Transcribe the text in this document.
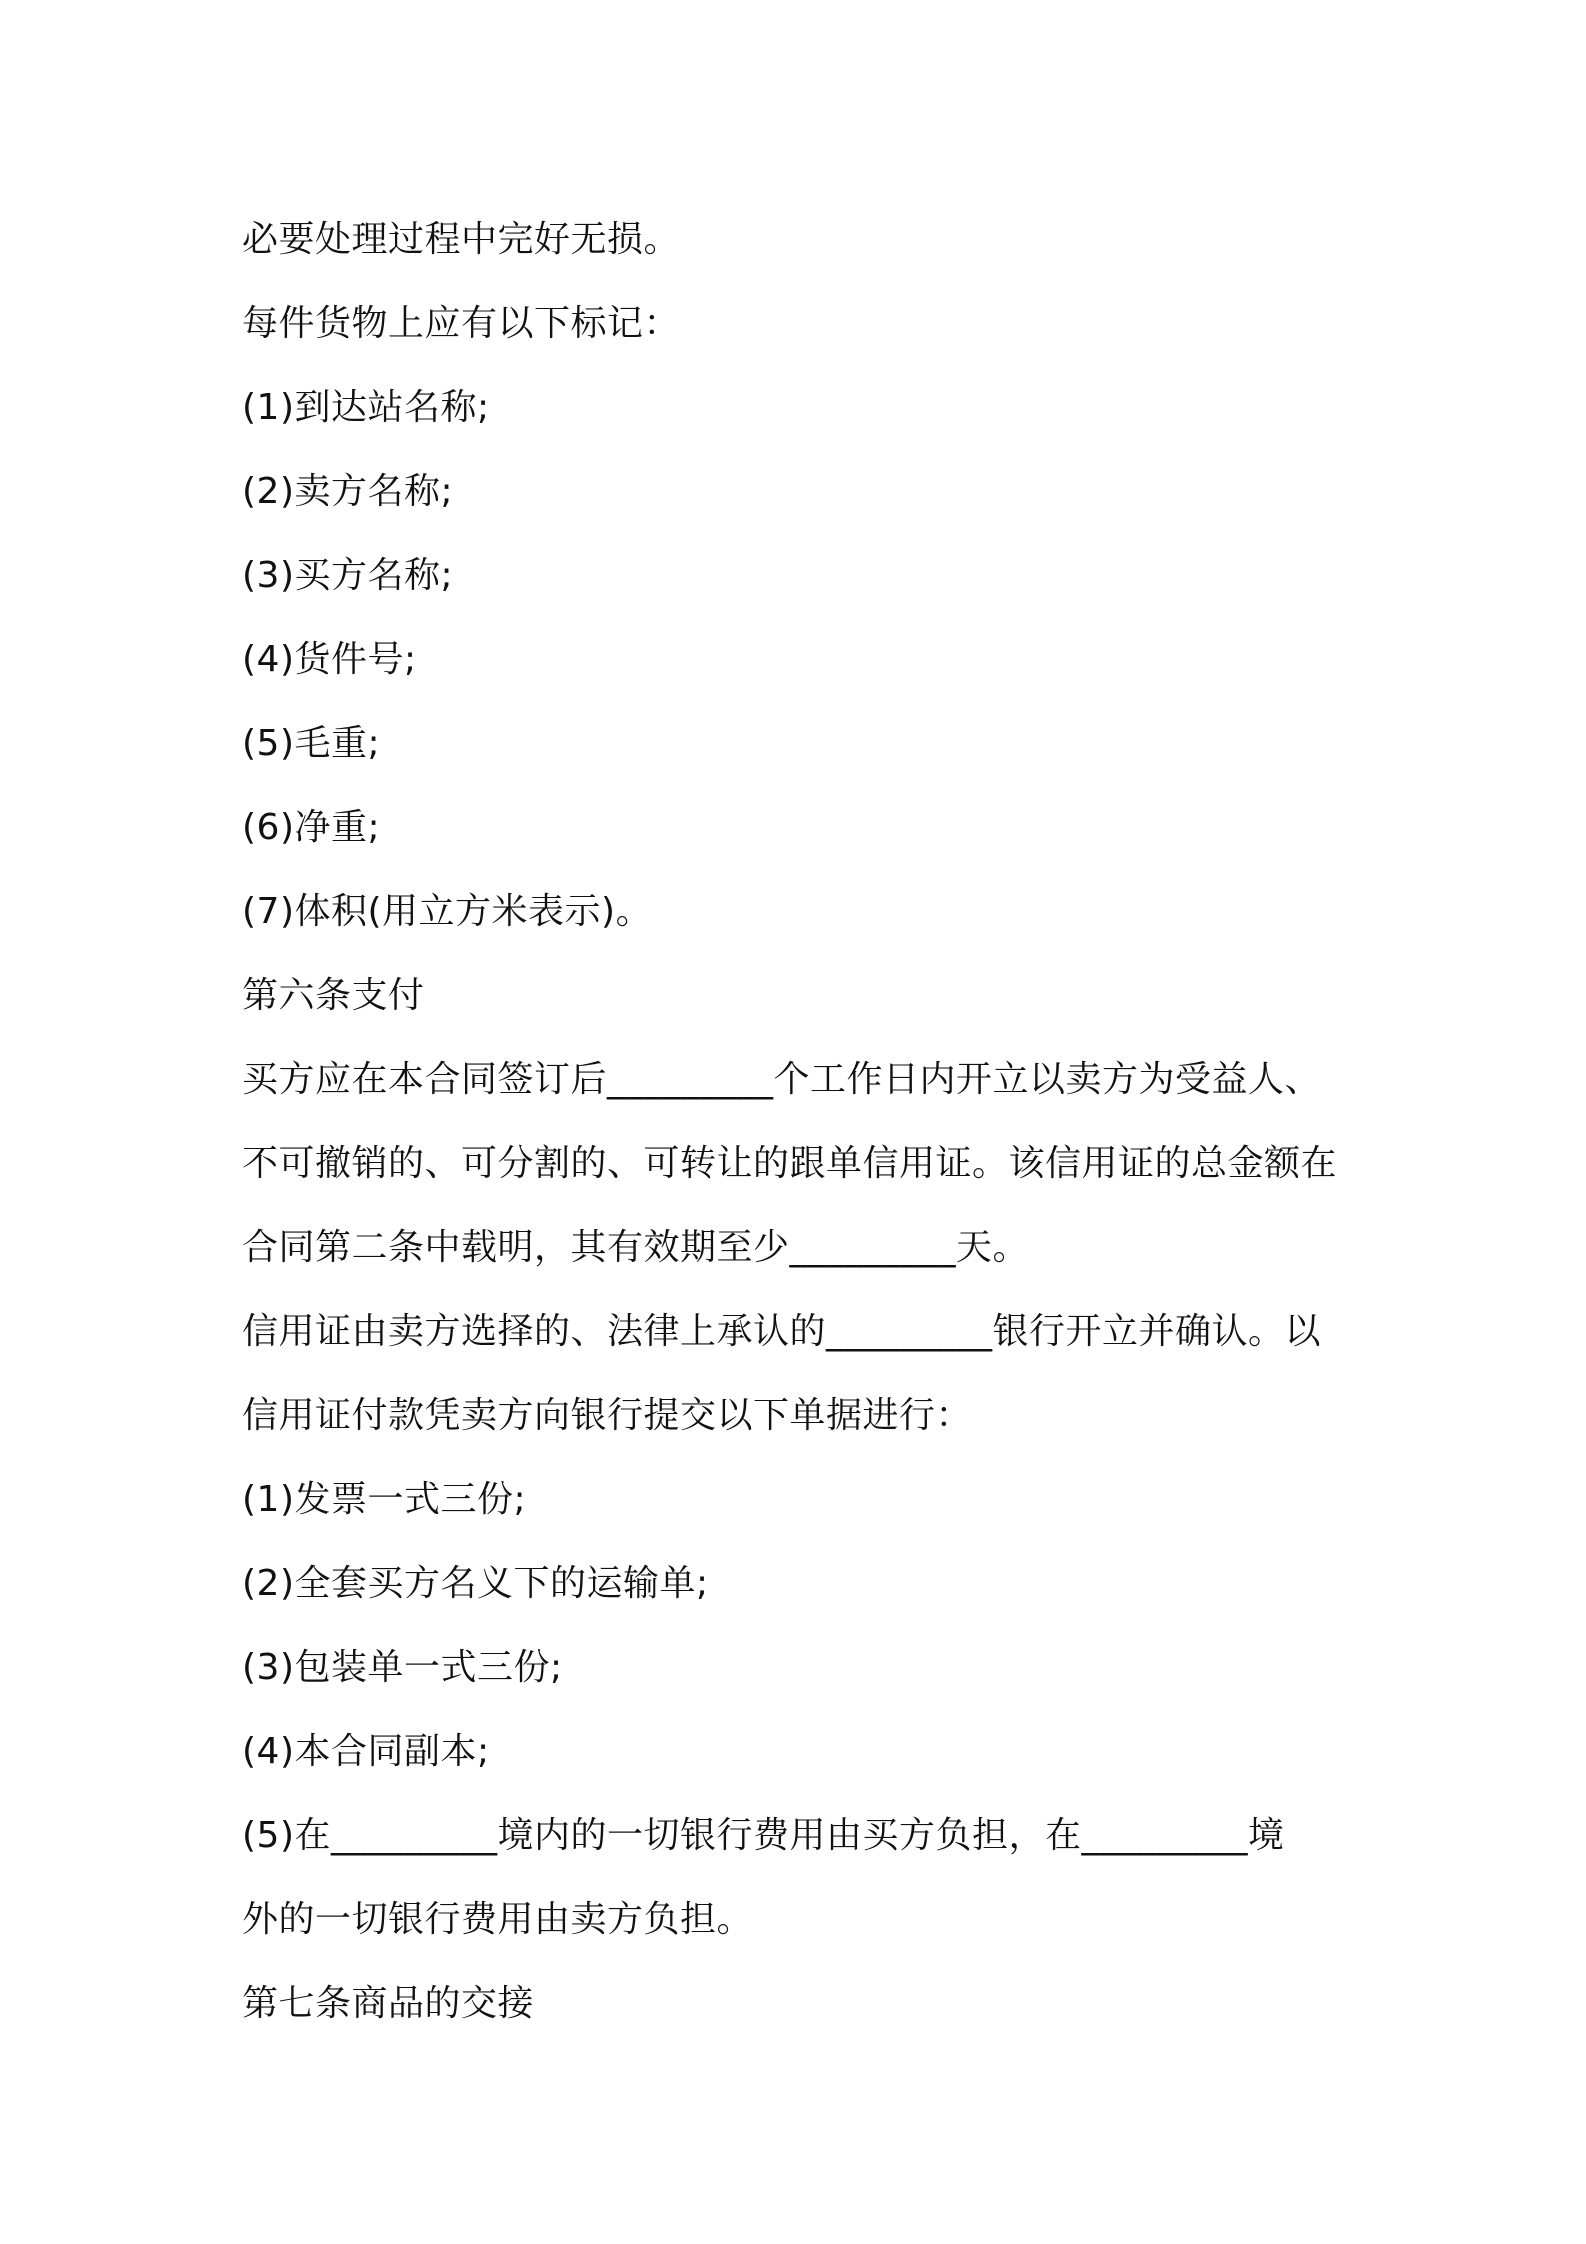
必要处理过程中完好无损。

每件货物上应有以下标记：

(1)到达站名称;

(2)卖方名称;

(3)买方名称;

(4)货件号;

(5)毛重;

(6)净重;

(7)体积(用立方米表示)。

第六条支付

买方应在本合同签订后_________个工作日内开立以卖方为受益人、

不可撤销的、可分割的、可转让的跟单信用证。该信用证的总金额在

合同第二条中载明，其有效期至少_________天。

信用证由卖方选择的、法律上承认的_________银行开立并确认。以

信用证付款凭卖方向银行提交以下单据进行：

(1)发票一式三份;

(2)全套买方名义下的运输单;

(3)包装单一式三份;

(4)本合同副本;

(5)在_________境内的一切银行费用由买方负担，在_________境

外的一切银行费用由卖方负担。

第七条商品的交接
